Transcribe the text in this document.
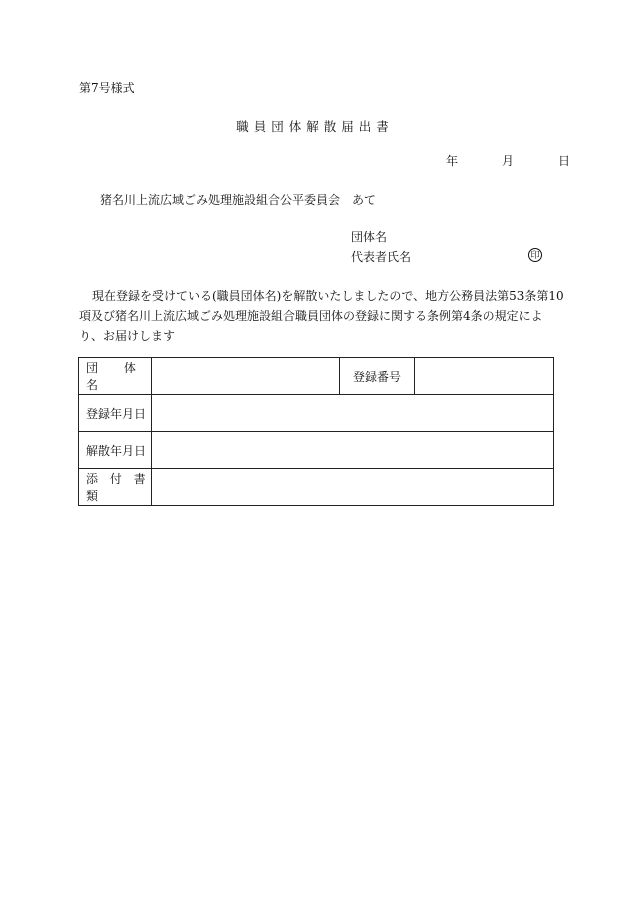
第7号様式
職員団体解散届出書
年	月	日
猪名川上流広域ごみ処理施設組合公平委員会　あて
団体名
代表者氏名	印
現在登録を受けている(職員団体名)を解散いたしましたので、地方公務員法第53条第10
項及び猪名川上流広域ごみ処理施設組合職員団体の登録に関する条例第4条の規定によ
り、お届けします
団 体 名		登録番号	
登録年月日			
解散年月日			
添 付 書 類			
